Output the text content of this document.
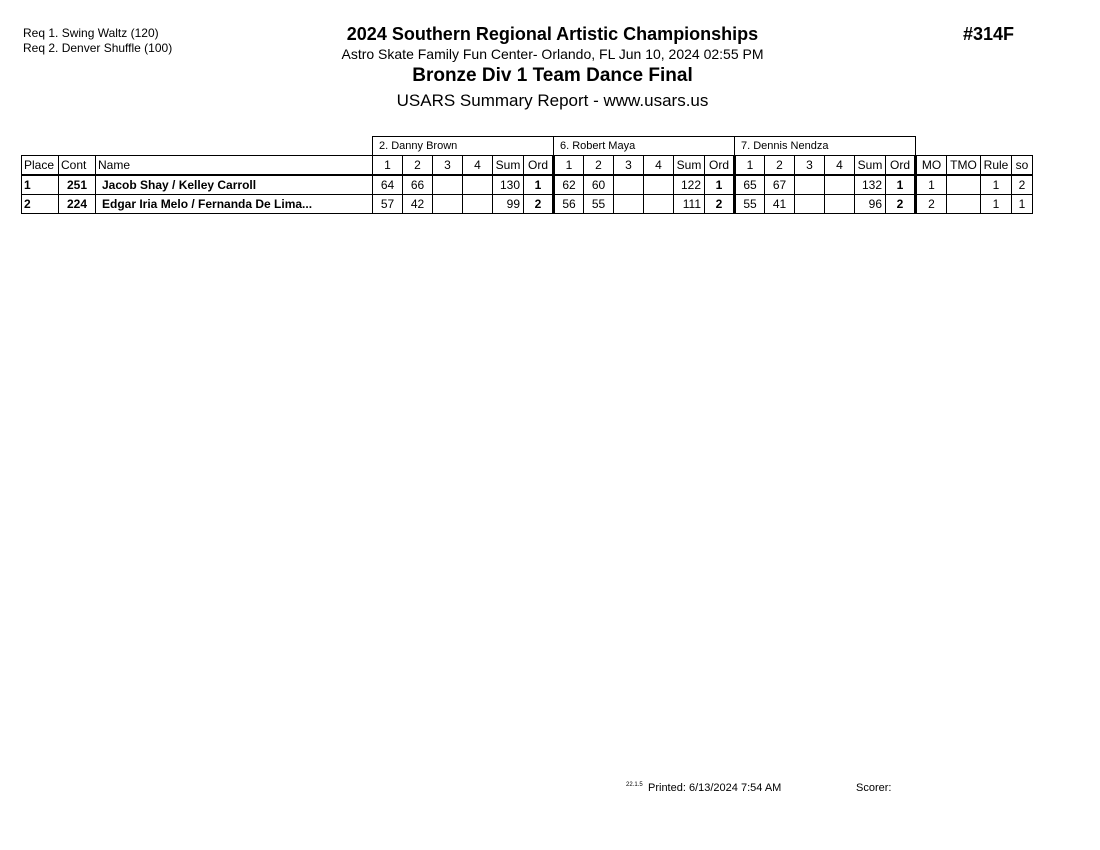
Req 1. Swing Waltz (120)
Req 2. Denver Shuffle (100)
2024 Southern Regional Artistic Championships
Astro Skate Family Fun Center- Orlando, FL Jun 10, 2024 02:55 PM
Bronze Div 1 Team Dance Final
USARS Summary Report - www.usars.us
#314F
			2. Danny Brown						6. Robert Maya						7. Dennis Nendza									
Place	Cont	Name	1	2	3	4	Sum	Ord	1	2	3	4	Sum	Ord	1	2	3	4	Sum	Ord	MO	TMO	Rule	so
1	251	Jacob Shay / Kelley Carroll	64	66			130	1	62	60			122	1	65	67			132	1	1		1	2
2	224	Edgar Iria Melo / Fernanda De Lima...	57	42			99	2	56	55			111	2	55	41			96	2	2		1	1
22.1.5 Printed: 6/13/2024 7:54 AM	Scorer:
